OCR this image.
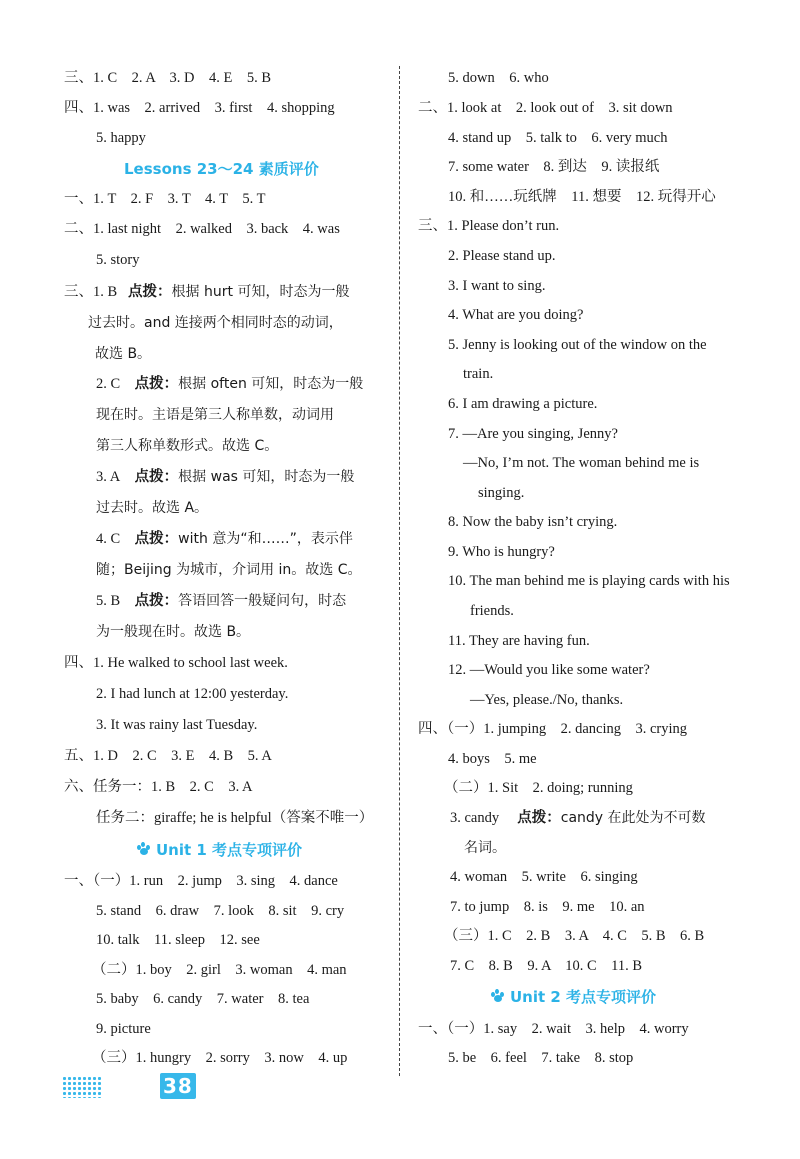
三、1. C　2. A　3. D　4. E　5. B
四、1. was　2. arrived　3. first　4. shopping
5. happy
Lessons 23～24 素质评价
一、1. T　2. F　3. T　4. T　5. T
二、1. last night　2. walked　3. back　4. was
5. story
三、1. B 点拨：根据 hurt 可知，时态为一般
过去时。and 连接两个相同时态的动词，
故选 B。
2. C 点拨：根据 often 可知，时态为一般
现在时。主语是第三人称单数，动词用
第三人称单数形式。故选 C。
3. A 点拨：根据 was 可知，时态为一般
过去时。故选 A。
4. C 点拨：with 意为“和……”，表示伴
随；Beijing 为城市，介词用 in。故选 C。
5. B 点拨：答语回答一般疑问句，时态
为一般现在时。故选 B。
四、1. He walked to school last week.
2. I had lunch at 12:00 yesterday.
3. It was rainy last Tuesday.
五、1. D　2. C　3. E　4. B　5. A
六、任务一：1. B　2. C　3. A
任务二：giraffe; he is helpful（答案不唯一）
Unit 1 考点专项评价
一、（一）1. run　2. jump　3. sing　4. dance
5. stand　6. draw　7. look　8. sit　9. cry
10. talk　11. sleep　12. see
（二）1. boy　2. girl　3. woman　4. man
5. baby　6. candy　7. water　8. tea
9. picture
（三）1. hungry　2. sorry　3. now　4. up
5. down　6. who
二、1. look at　2. look out of　3. sit down
4. stand up　5. talk to　6. very much
7. some water　8. 到达　9. 读报纸
10. 和……玩纸牌　11. 想要　12. 玩得开心
三、1. Please don’t run.
2. Please stand up.
3. I want to sing.
4. What are you doing?
5. Jenny is looking out of the window on the
train.
6. I am drawing a picture.
7. —Are you singing, Jenny?
—No, I’m not. The woman behind me is
singing.
8. Now the baby isn’t crying.
9. Who is hungry?
10. The man behind me is playing cards with his
friends.
11. They are having fun.
12. —Would you like some water?
—Yes, please./No, thanks.
四、（一）1. jumping　2. dancing　3. crying
4. boys　5. me
（二）1. Sit　2. doing; running
3. candy 点拨：candy 在此处为不可数
名词。
4. woman　5. write　6. singing
7. to jump　8. is　9. me　10. an
（三）1. C　2. B　3. A　4. C　5. B　6. B
7. C　8. B　9. A　10. C　11. B
Unit 2 考点专项评价
一、（一）1. say　2. wait　3. help　4. worry
5. be　6. feel　7. take　8. stop
38
